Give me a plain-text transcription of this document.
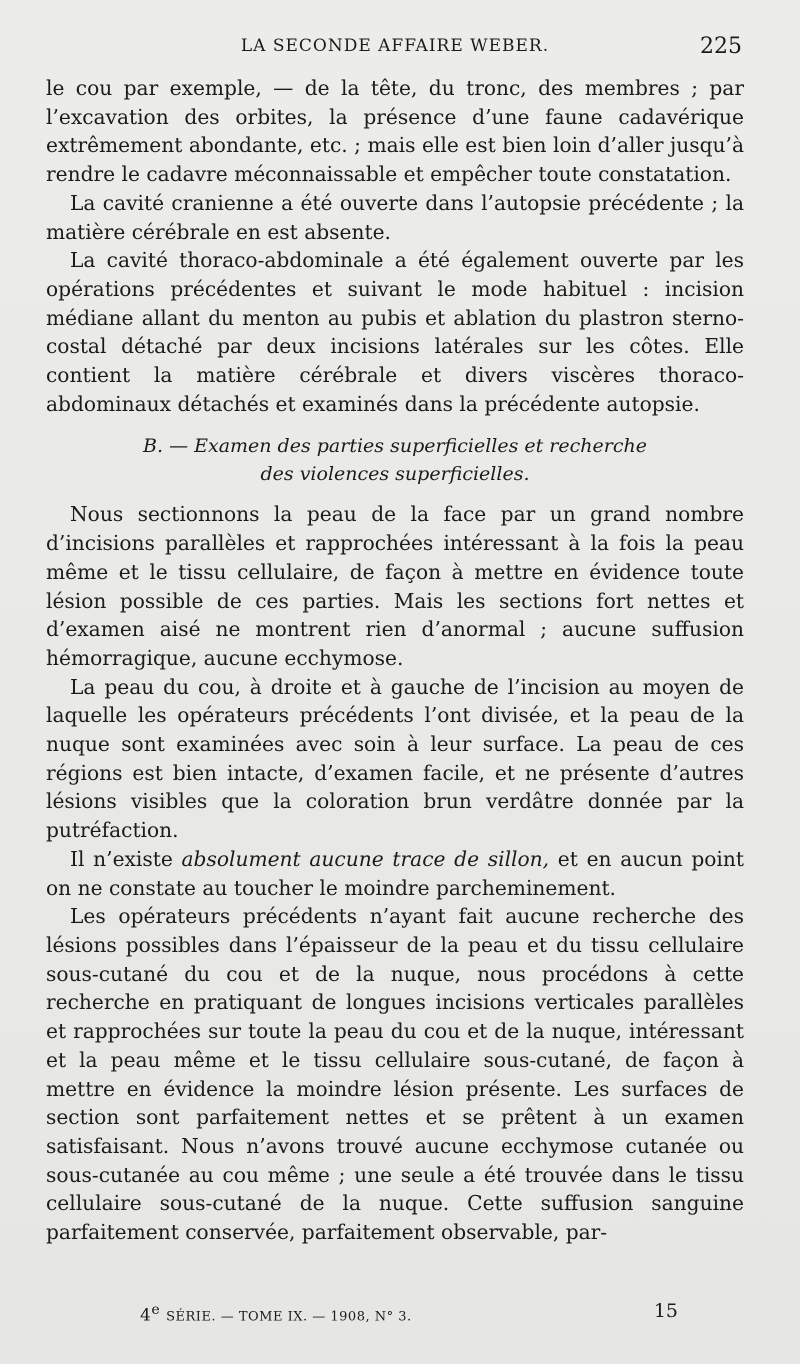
LA SECONDE AFFAIRE WEBER.	225

le cou par exemple, — de la tête, du tronc, des membres ; par l’excavation des orbites, la présence d’une faune cadavérique extrêmement abondante, etc. ; mais elle est bien loin d’aller jusqu’à rendre le cadavre méconnaissable et empêcher toute constatation.

La cavité cranienne a été ouverte dans l’autopsie précédente ; la matière cérébrale en est absente.

La cavité thoraco-abdominale a été également ouverte par les opérations précédentes et suivant le mode habituel : incision médiane allant du menton au pubis et ablation du plastron sterno-costal détaché par deux incisions latérales sur les côtes. Elle contient la matière cérébrale et divers viscères thoraco-abdominaux détachés et examinés dans la précédente autopsie.

B. — Examen des parties superficielles et recherche
des violences superficielles.

Nous sectionnons la peau de la face par un grand nombre d’incisions parallèles et rapprochées intéressant à la fois la peau même et le tissu cellulaire, de façon à mettre en évidence toute lésion possible de ces parties. Mais les sections fort nettes et d’examen aisé ne montrent rien d’anormal ; aucune suffusion hémorragique, aucune ecchymose.

La peau du cou, à droite et à gauche de l’incision au moyen de laquelle les opérateurs précédents l’ont divisée, et la peau de la nuque sont examinées avec soin à leur surface. La peau de ces régions est bien intacte, d’examen facile, et ne présente d’autres lésions visibles que la coloration brun verdâtre donnée par la putréfaction.

Il n’existe absolument aucune trace de sillon, et en aucun point on ne constate au toucher le moindre parcheminement.

Les opérateurs précédents n’ayant fait aucune recherche des lésions possibles dans l’épaisseur de la peau et du tissu cellulaire sous-cutané du cou et de la nuque, nous procédons à cette recherche en pratiquant de longues incisions verticales parallèles et rapprochées sur toute la peau du cou et de la nuque, intéressant et la peau même et le tissu cellulaire sous-cutané, de façon à mettre en évidence la moindre lésion présente. Les surfaces de section sont parfaitement nettes et se prêtent à un examen satisfaisant. Nous n’avons trouvé aucune ecchymose cutanée ou sous-cutanée au cou même ; une seule a été trouvée dans le tissu cellulaire sous-cutané de la nuque. Cette suffusion sanguine parfaitement conservée, parfaitement observable, par-

4e SÉRIE. — TOME IX. — 1908, N° 3.	15
